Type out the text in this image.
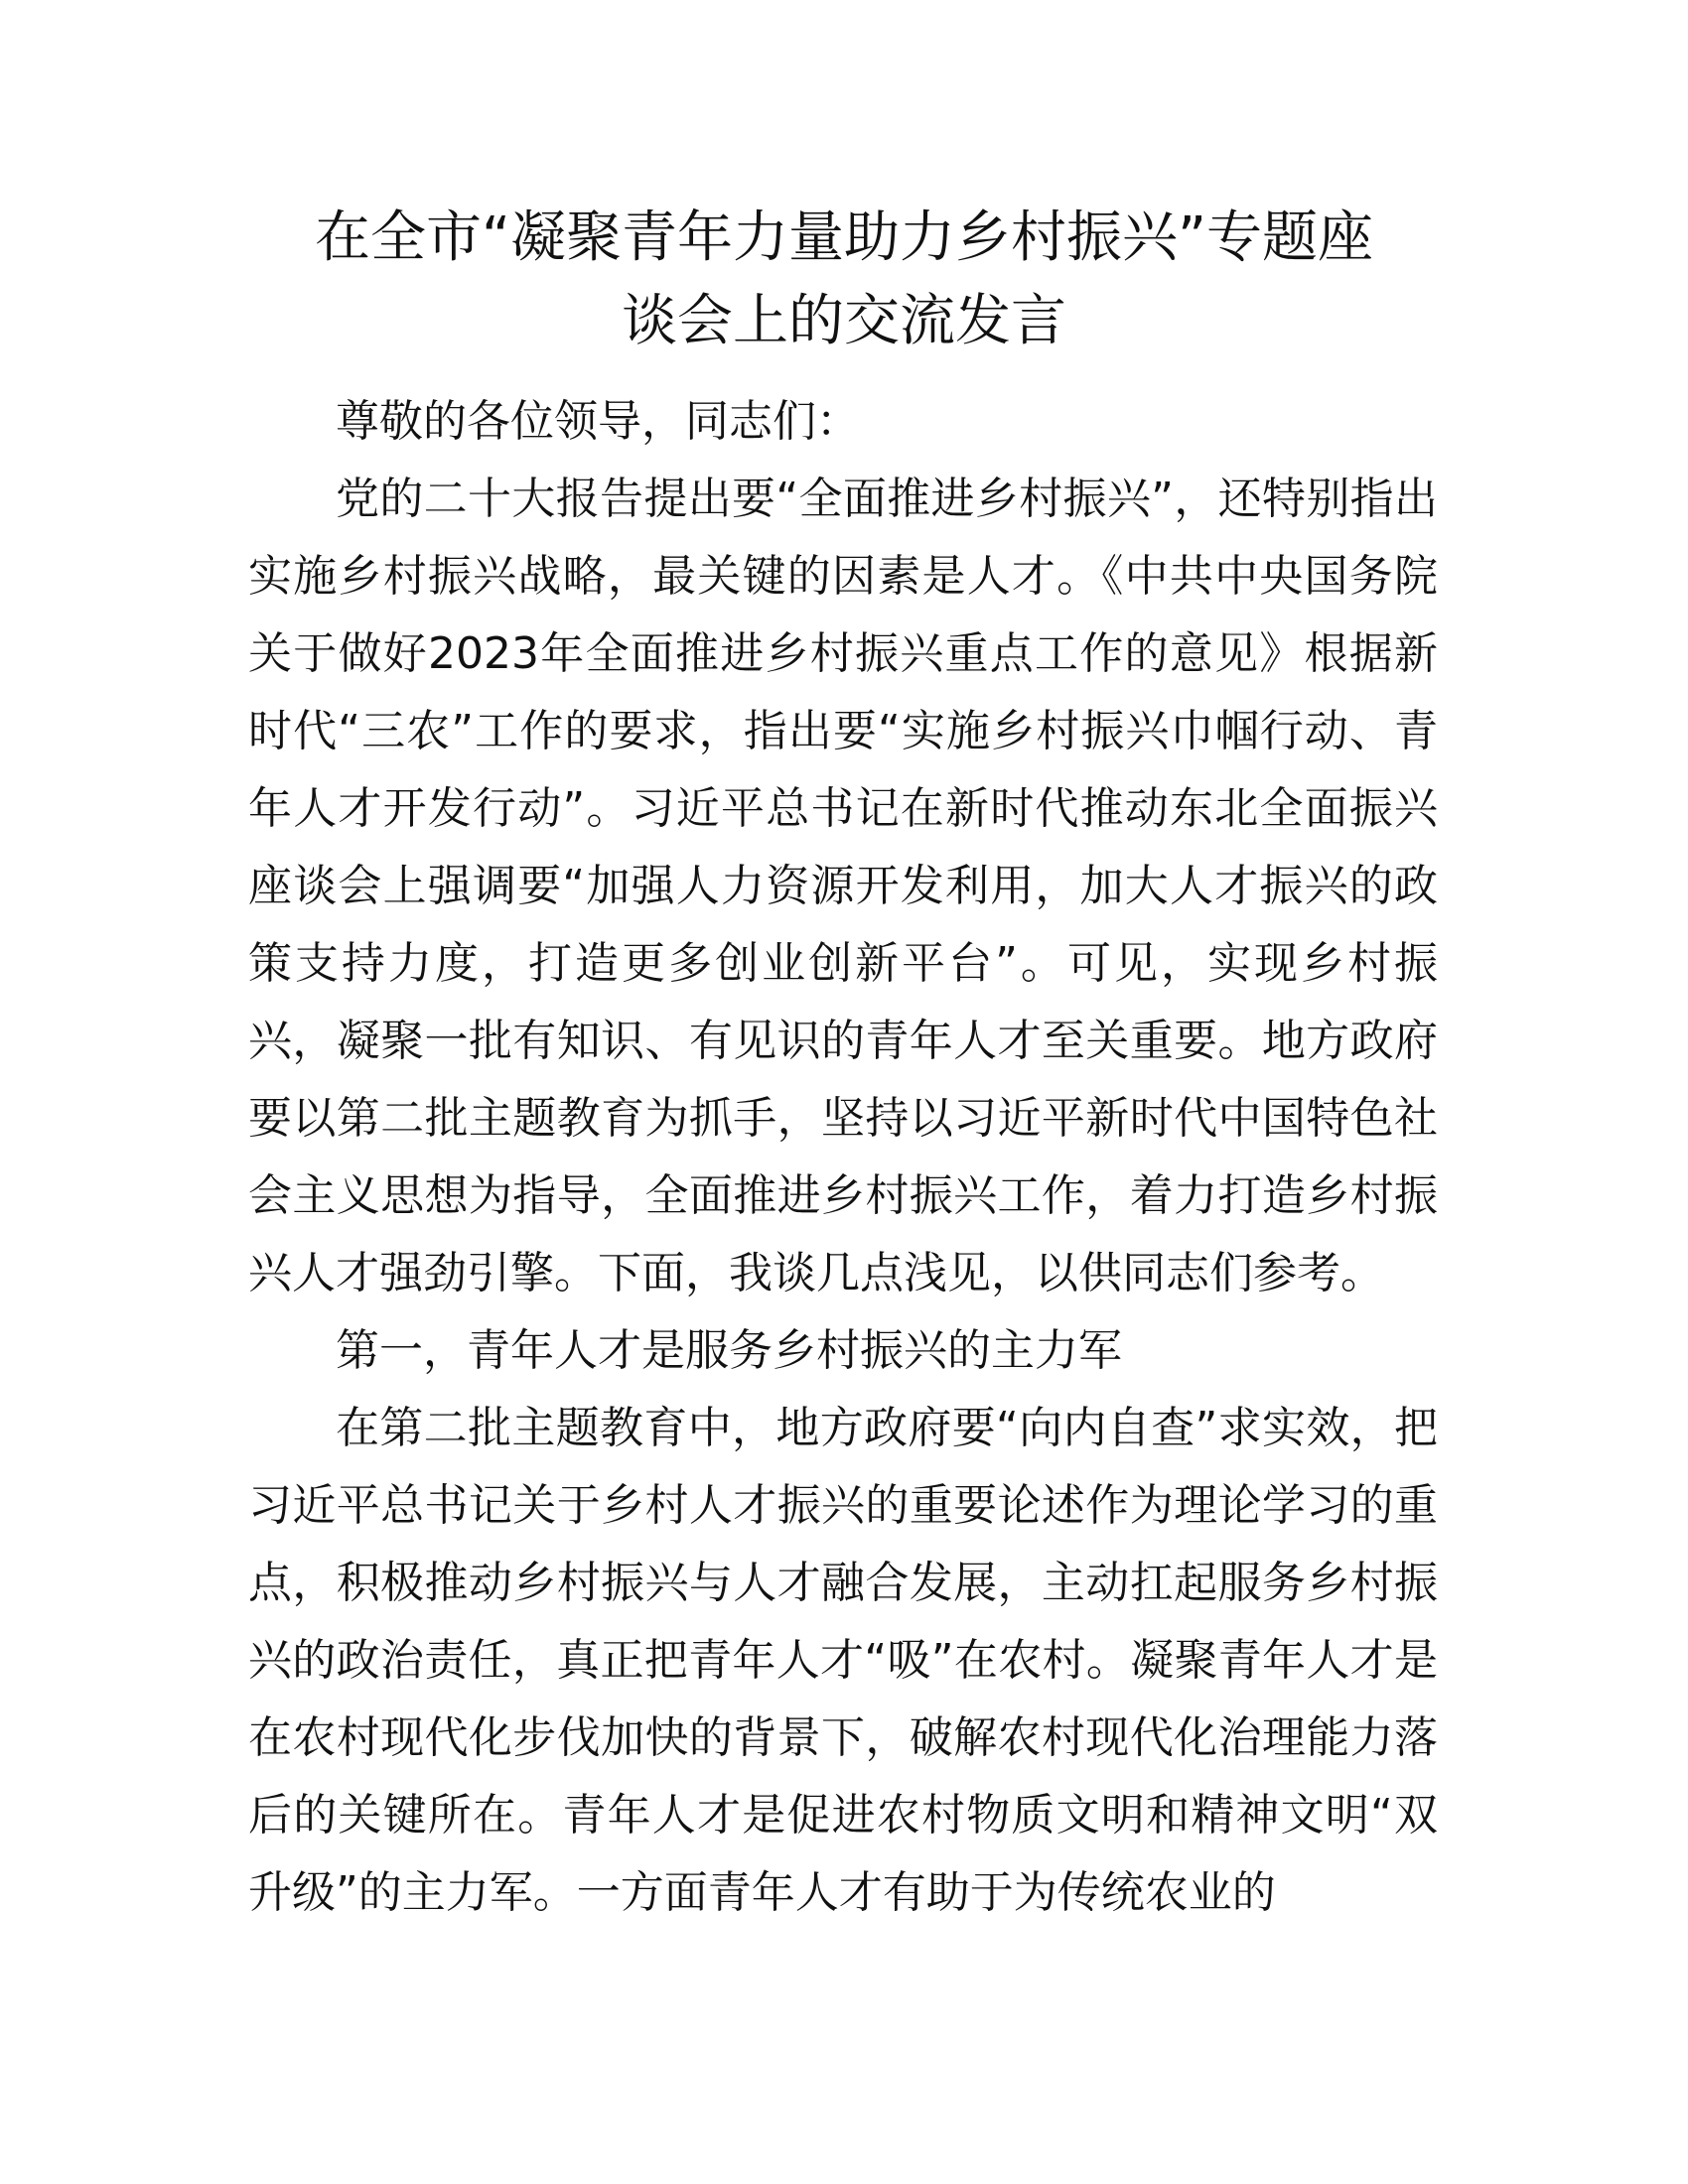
在全市“凝聚青年力量助力乡村振兴”专题座
谈会上的交流发言

尊敬的各位领导，同志们：

党的二十大报告提出要“全面推进乡村振兴”，还特别指出实施乡村振兴战略，最关键的因素是人才。《中共中央国务院关于做好2023年全面推进乡村振兴重点工作的意见》根据新时代“三农”工作的要求，指出要“实施乡村振兴巾帼行动、青年人才开发行动”。习近平总书记在新时代推动东北全面振兴座谈会上强调要“加强人力资源开发利用，加大人才振兴的政策支持力度，打造更多创业创新平台”。可见，实现乡村振兴，凝聚一批有知识、有见识的青年人才至关重要。地方政府要以第二批主题教育为抓手，坚持以习近平新时代中国特色社会主义思想为指导，全面推进乡村振兴工作，着力打造乡村振兴人才强劲引擎。下面，我谈几点浅见，以供同志们参考。

第一，青年人才是服务乡村振兴的主力军

在第二批主题教育中，地方政府要“向内自查”求实效，把习近平总书记关于乡村人才振兴的重要论述作为理论学习的重点，积极推动乡村振兴与人才融合发展，主动扛起服务乡村振兴的政治责任，真正把青年人才“吸”在农村。凝聚青年人才是在农村现代化步伐加快的背景下，破解农村现代化治理能力落后的关键所在。青年人才是促进农村物质文明和精神文明“双升级”的主力军。一方面青年人才有助于为传统农业的
